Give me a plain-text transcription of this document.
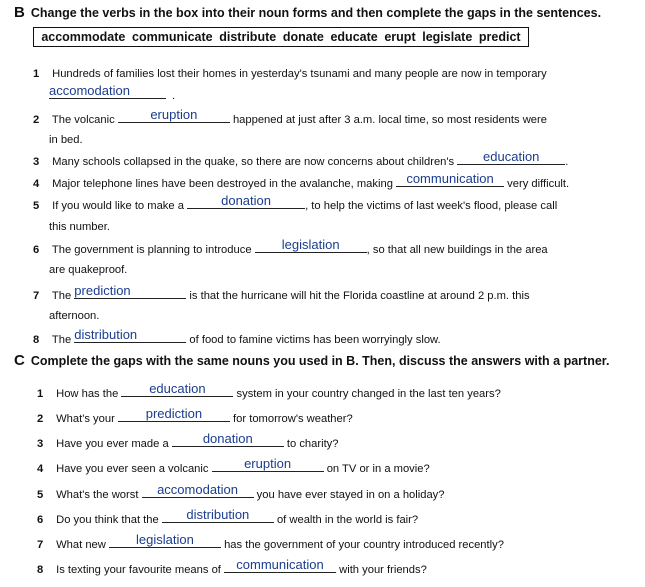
B Change the verbs in the box into their noun forms and then complete the gaps in the sentences.
accommodate communicate distribute donate educate erupt legislate predict
1 Hundreds of families lost their homes in yesterday's tsunami and many people are now in temporary
accomodation	.
2 The volcanic	eruption	happened at just after 3 a.m. local time, so most residents were
in bed.
3 Many schools collapsed in the quake, so there are now concerns about children's	education	.
4 Major telephone lines have been destroyed in the avalanche, making	communication	very difficult.
5 If you would like to make a	donation	, to help the victims of last week's flood, please call
this number.
6 The government is planning to introduce	legislation	, so that all new buildings in the area
are quakeproof.
7 The prediction	is that the hurricane will hit the Florida coastline at around 2 p.m. this
afternoon.
8 The distribution	of food to famine victims has been worryingly slow.
C Complete the gaps with the same nouns you used in B. Then, discuss the answers with a partner.
1 How has the	education	system in your country changed in the last ten years?
2 What's your	prediction	for tomorrow's weather?
3 Have you ever made a	donation	to charity?
4 Have you ever seen a volcanic	eruption	on TV or in a movie?
5 What's the worst	accomodation	you have ever stayed in on a holiday?
6 Do you think that the	distribution	of wealth in the world is fair?
7 What new	legislation	has the government of your country introduced recently?
8 Is texting your favourite means of	communication	with your friends?
